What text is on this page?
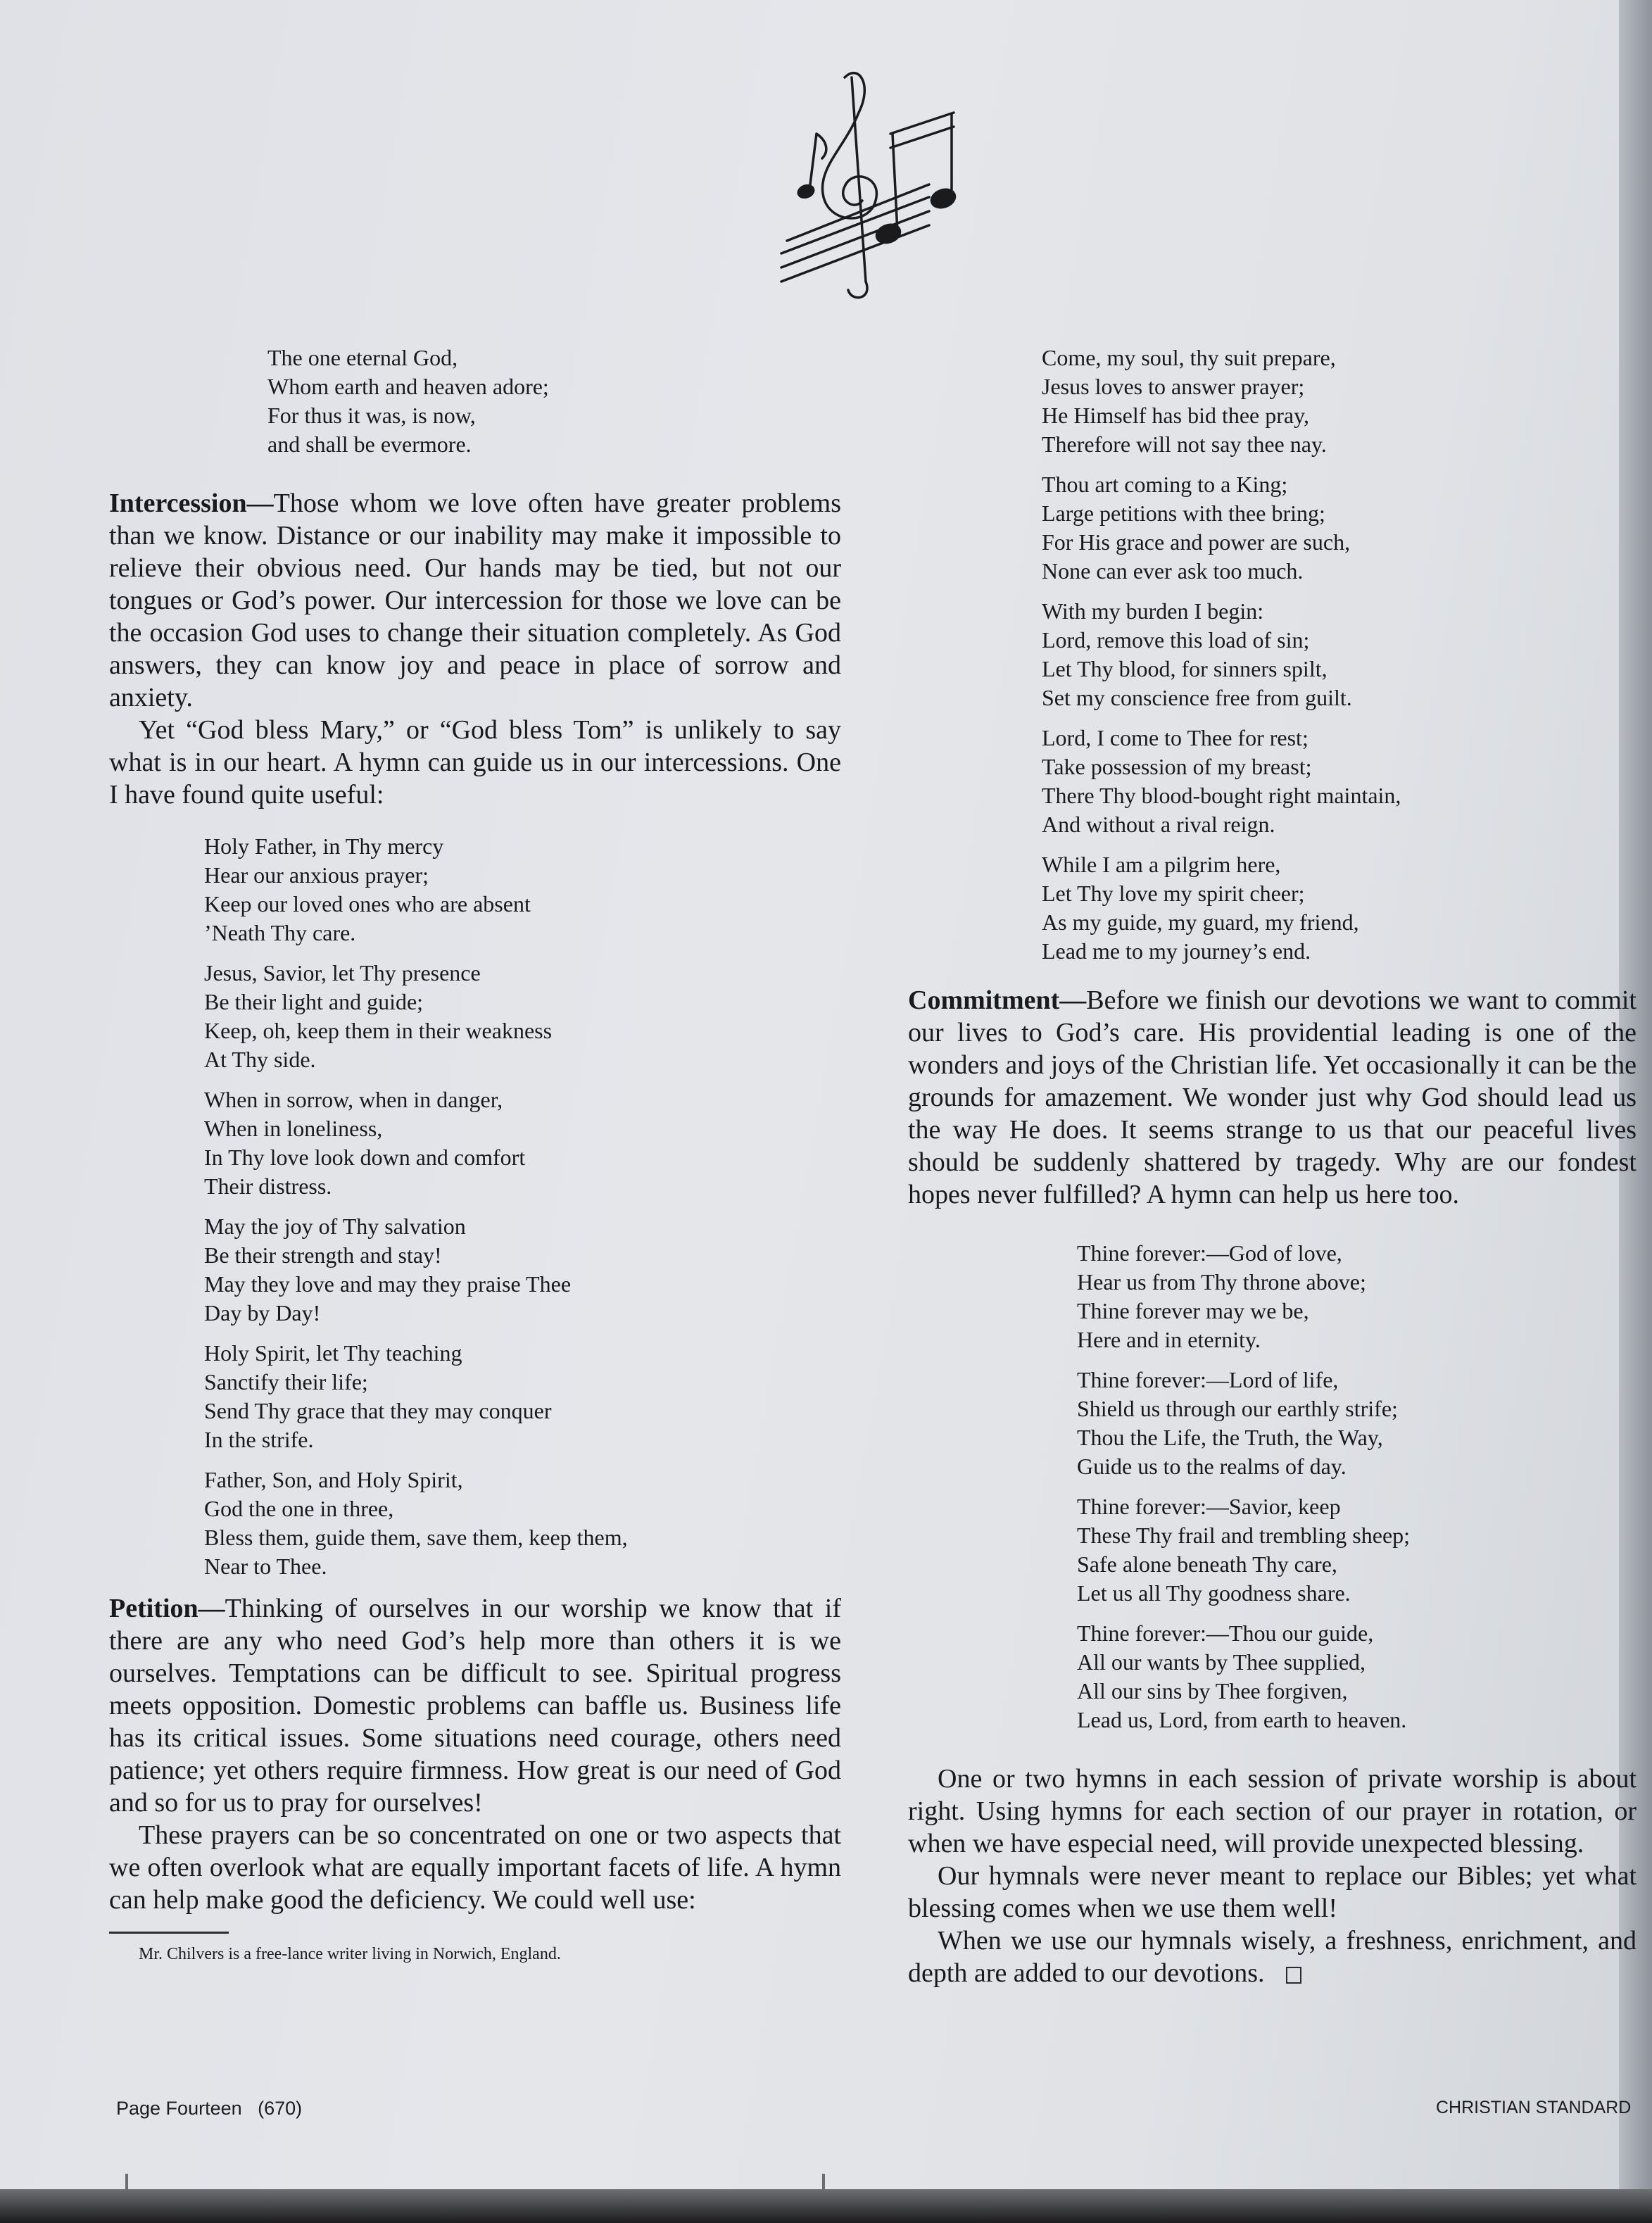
The one eternal God,
Whom earth and heaven adore;
For thus it was, is now,
and shall be evermore.

Intercession—Those whom we love often have greater problems than we know. Distance or our inability may make it impossible to relieve their obvious need. Our hands may be tied, but not our tongues or God’s power. Our intercession for those we love can be the occasion God uses to change their situation completely. As God answers, they can know joy and peace in place of sorrow and anxiety.

Yet “God bless Mary,” or “God bless Tom” is unlikely to say what is in our heart. A hymn can guide us in our intercessions. One I have found quite useful:

Holy Father, in Thy mercy
Hear our anxious prayer;
Keep our loved ones who are absent
’Neath Thy care.
Jesus, Savior, let Thy presence
Be their light and guide;
Keep, oh, keep them in their weakness
At Thy side.
When in sorrow, when in danger,
When in loneliness,
In Thy love look down and comfort
Their distress.
May the joy of Thy salvation
Be their strength and stay!
May they love and may they praise Thee
Day by Day!
Holy Spirit, let Thy teaching
Sanctify their life;
Send Thy grace that they may conquer
In the strife.
Father, Son, and Holy Spirit,
God the one in three,
Bless them, guide them, save them, keep them,
Near to Thee.

Petition—Thinking of ourselves in our worship we know that if there are any who need God’s help more than others it is we ourselves. Temptations can be difficult to see. Spiritual progress meets opposition. Domestic problems can baffle us. Business life has its critical issues. Some situations need courage, others need patience; yet others require firmness. How great is our need of God and so for us to pray for ourselves!

These prayers can be so concentrated on one or two aspects that we often overlook what are equally important facets of life. A hymn can help make good the deficiency. We could well use:

Mr. Chilvers is a free-lance writer living in Norwich, England.
Come, my soul, thy suit prepare,
Jesus loves to answer prayer;
He Himself has bid thee pray,
Therefore will not say thee nay.
Thou art coming to a King;
Large petitions with thee bring;
For His grace and power are such,
None can ever ask too much.
With my burden I begin:
Lord, remove this load of sin;
Let Thy blood, for sinners spilt,
Set my conscience free from guilt.
Lord, I come to Thee for rest;
Take possession of my breast;
There Thy blood-bought right maintain,
And without a rival reign.
While I am a pilgrim here,
Let Thy love my spirit cheer;
As my guide, my guard, my friend,
Lead me to my journey’s end.

Commitment—Before we finish our devotions we want to commit our lives to God’s care. His providential leading is one of the wonders and joys of the Christian life. Yet occasionally it can be the grounds for amazement. We wonder just why God should lead us the way He does. It seems strange to us that our peaceful lives should be suddenly shattered by tragedy. Why are our fondest hopes never fulfilled? A hymn can help us here too.

Thine forever:—God of love,
Hear us from Thy throne above;
Thine forever may we be,
Here and in eternity.
Thine forever:—Lord of life,
Shield us through our earthly strife;
Thou the Life, the Truth, the Way,
Guide us to the realms of day.
Thine forever:—Savior, keep
These Thy frail and trembling sheep;
Safe alone beneath Thy care,
Let us all Thy goodness share.
Thine forever:—Thou our guide,
All our wants by Thee supplied,
All our sins by Thee forgiven,
Lead us, Lord, from earth to heaven.

One or two hymns in each session of private worship is about right. Using hymns for each section of our prayer in rotation, or when we have especial need, will provide unexpected blessing.

Our hymnals were never meant to replace our Bibles; yet what blessing comes when we use them well!

When we use our hymnals wisely, a freshness, enrichment, and depth are added to our devotions.

Page Fourteen   (670)	CHRISTIAN STANDARD
